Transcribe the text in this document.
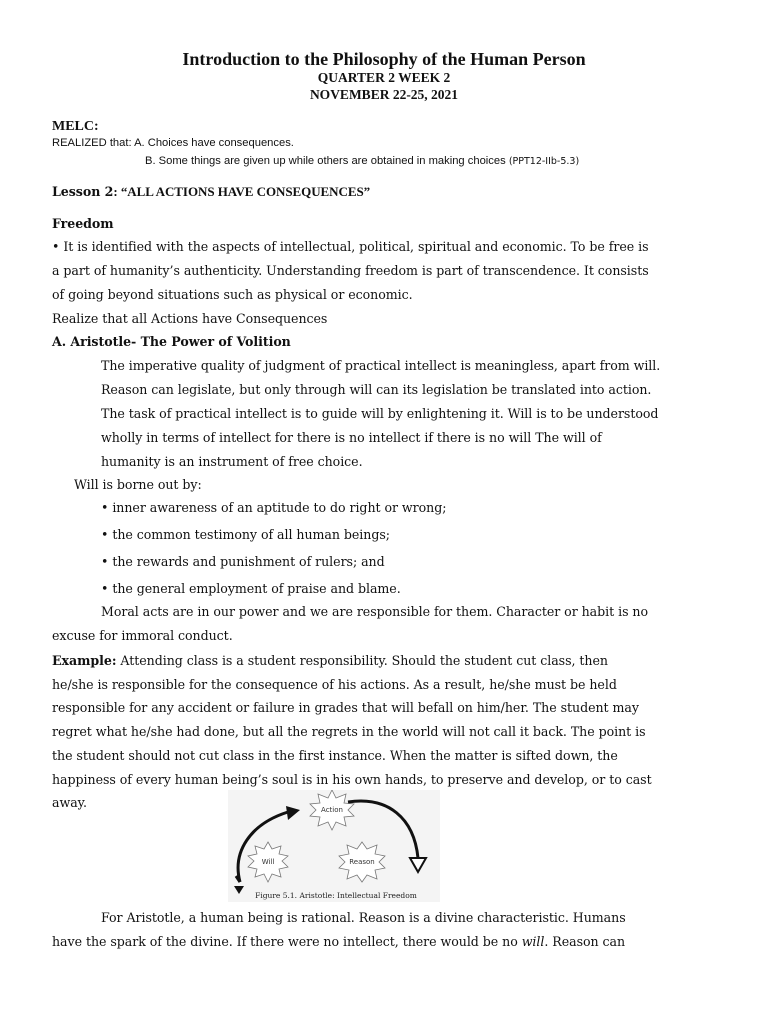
Introduction to the Philosophy of the Human Person
QUARTER 2 WEEK 2
NOVEMBER 22-25, 2021
MELC:
REALIZED that: A. Choices have consequences.
B. Some things are given up while others are obtained in making choices (PPT12-IIb-5.3)
Lesson 2: “ALL ACTIONS HAVE CONSEQUENCES”
Freedom
• It is identified with the aspects of intellectual, political, spiritual and economic. To be free is
a part of humanity’s authenticity. Understanding freedom is part of transcendence. It consists
of going beyond situations such as physical or economic.
Realize that all Actions have Consequences
A. Aristotle- The Power of Volition
The imperative quality of judgment of practical intellect is meaningless, apart from will.
Reason can legislate, but only through will can its legislation be translated into action.
The task of practical intellect is to guide will by enlightening it. Will is to be understood
wholly in terms of intellect for there is no intellect if there is no will The will of
humanity is an instrument of free choice.
Will is borne out by:
• inner awareness of an aptitude to do right or wrong;
• the common testimony of all human beings;
• the rewards and punishment of rulers; and
• the general employment of praise and blame.
Moral acts are in our power and we are responsible for them. Character or habit is no
excuse for immoral conduct.
Example: Attending class is a student responsibility. Should the student cut class, then
he/she is responsible for the consequence of his actions. As a result, he/she must be held
responsible for any accident or failure in grades that will befall on him/her. The student may
regret what he/she had done, but all the regrets in the world will not call it back. The point is
the student should not cut class in the first instance. When the matter is sifted down, the
happiness of every human being’s soul is in his own hands, to preserve and develop, or to cast
away.	Action
Will	Reason
Figure 5.1. Aristotle: Intellectual Freedom
For Aristotle, a human being is rational. Reason is a divine characteristic. Humans
have the spark of the divine. If there were no intellect, there would be no will. Reason can
